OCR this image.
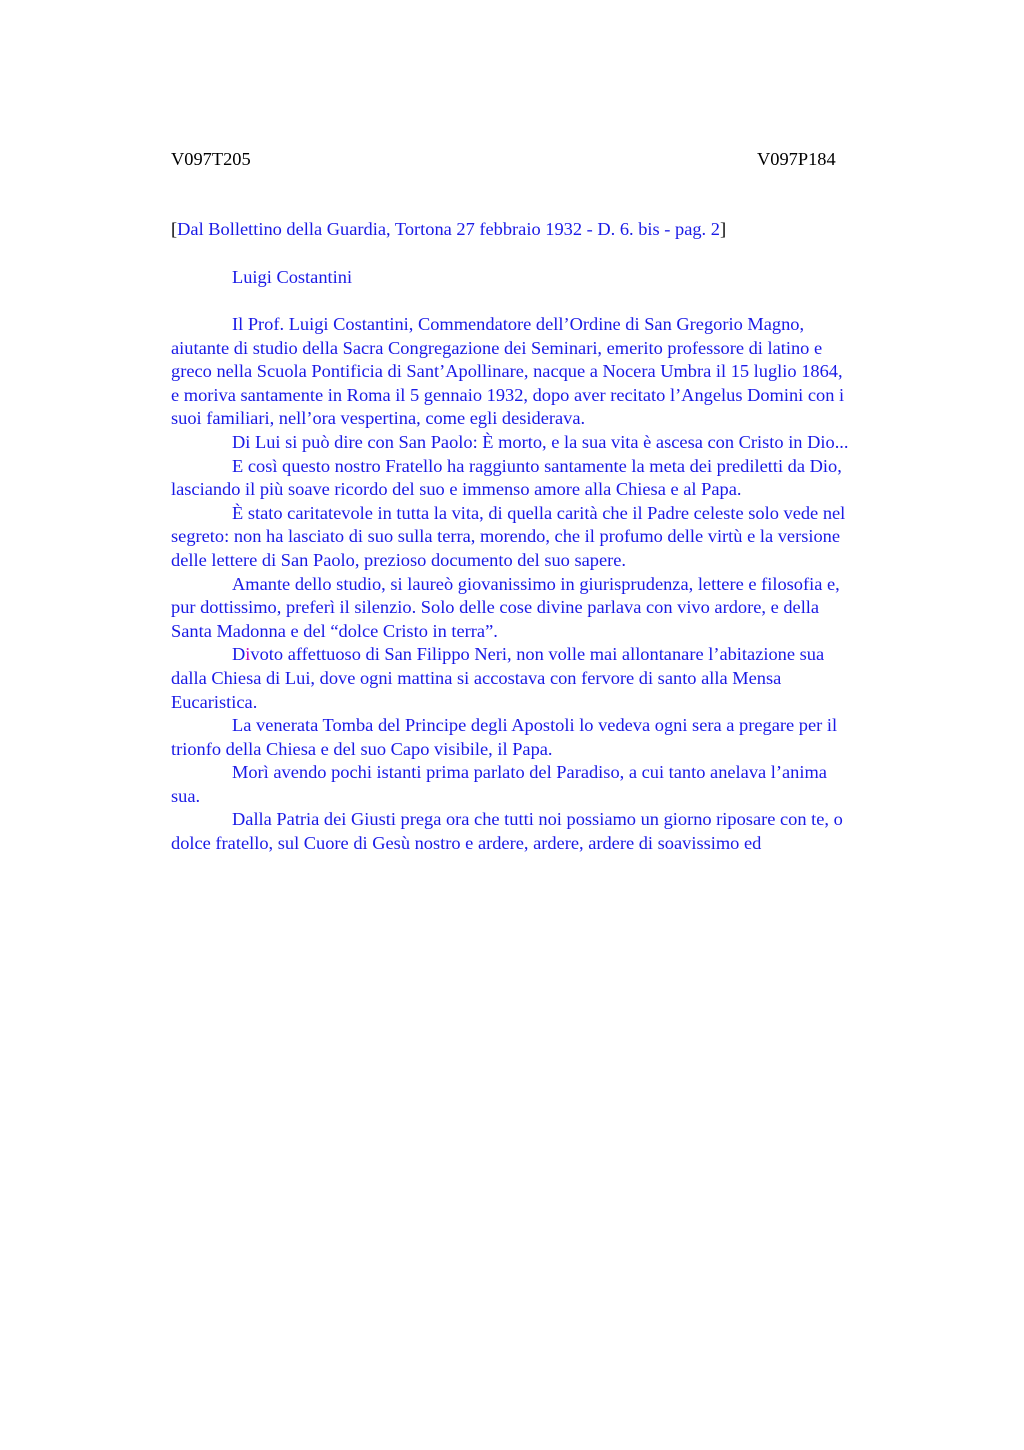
V097T205	V097P184
[Dal Bollettino della Guardia, Tortona 27 febbraio 1932 - D. 6. bis - pag. 2]
Luigi Costantini

Il Prof. Luigi Costantini, Commendatore dell’Ordine di San Gregorio Magno,
aiutante di studio della Sacra Congregazione dei Seminari, emerito professore di latino e
greco nella Scuola Pontificia di Sant’Apollinare, nacque a Nocera Umbra il 15 luglio 1864,
e moriva santamente in Roma il 5 gennaio 1932, dopo aver recitato l’Angelus Domini con i
suoi familiari, nell’ora vespertina, come egli desiderava.

Di Lui si può dire con San Paolo: È morto, e la sua vita è ascesa con Cristo in Dio...

E così questo nostro Fratello ha raggiunto santamente la meta dei prediletti da Dio,
lasciando il più soave ricordo del suo e immenso amore alla Chiesa e al Papa.

È stato caritatevole in tutta la vita, di quella carità che il Padre celeste solo vede nel
segreto: non ha lasciato di suo sulla terra, morendo, che il profumo delle virtù e la versione
delle lettere di San Paolo, prezioso documento del suo sapere.

Amante dello studio, si laureò giovanissimo in giurisprudenza, lettere e filosofia e,
pur dottissimo, preferì il silenzio. Solo delle cose divine parlava con vivo ardore, e della
Santa Madonna e del “dolce Cristo in terra”.

Divoto affettuoso di San Filippo Neri, non volle mai allontanare l’abitazione sua
dalla Chiesa di Lui, dove ogni mattina si accostava con fervore di santo alla Mensa
Eucaristica.

La venerata Tomba del Principe degli Apostoli lo vedeva ogni sera a pregare per il
trionfo della Chiesa e del suo Capo visibile, il Papa.

Morì avendo pochi istanti prima parlato del Paradiso, a cui tanto anelava l’anima
sua.

Dalla Patria dei Giusti prega ora che tutti noi possiamo un giorno riposare con te, o
dolce fratello, sul Cuore di Gesù nostro e ardere, ardere, ardere di soavissimo ed
